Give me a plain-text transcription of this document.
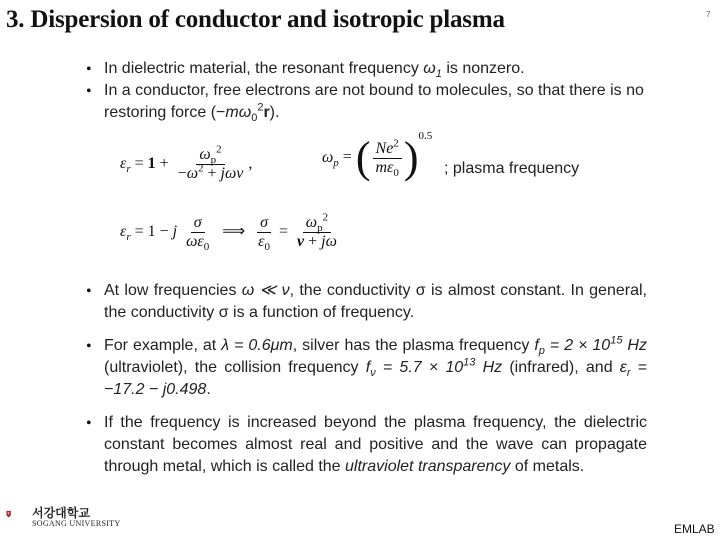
3. Dispersion of conductor and isotropic plasma	7
• In dielectric material, the resonant frequency $\omega_1$ is nonzero.
• In a conductor, free electrons are not bound to molecules, so that there is no restoring force $(-m\omega_0^2r)$.
$\varepsilon_r = 1 + \frac{\omega_p^2}{-\omega^2 + j\omega\nu}$ ,	$\omega_p$ = ( $\frac{Ne^2}{m\varepsilon_0} )^{0.5}$
; plasma frequency
$\varepsilon_r = 1 - j \frac{\sigma}{\omega\varepsilon_0}$ ⟹ $\frac{\sigma}{\varepsilon_0} = \frac{\omega_p^2}{\nu + j\omega}$
• At low frequencies ω ≪ ν, the conductivity σ is almost constant. In general, the conductivity σ is a function of frequency.
• For example, at λ = 0.6μm, silver has the plasma frequency $f_p = 2 \times 10^{15}$ Hz (ultraviolet), the collision frequency $f_\nu = 5.7 \times 10^{13}$ Hz (infrared), and $\varepsilon_r = -17.2 - j0.498$.
• If the frequency is increased beyond the plasma frequency, the dielectric constant becomes almost real and positive and the wave can propagate through metal, which is called the ultraviolet transparency of metals.
서강대학교
SOGANG UNIVERSITY	EMLAB
